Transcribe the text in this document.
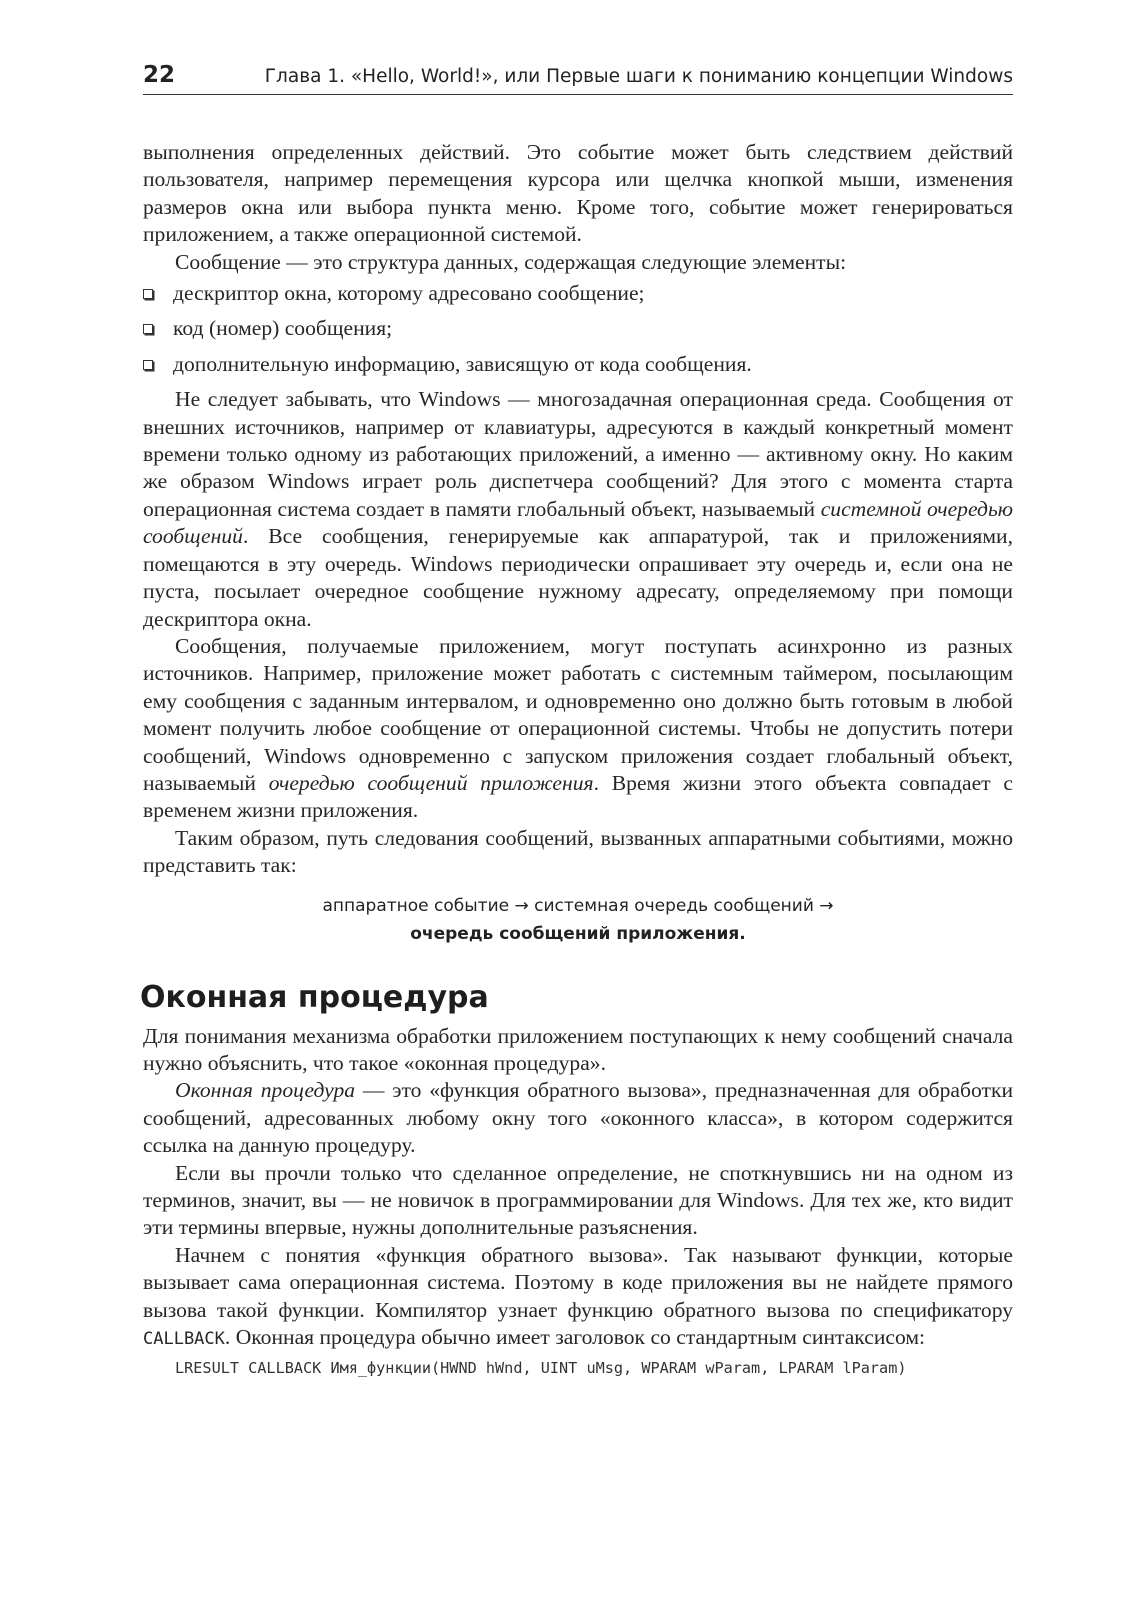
22	Глава 1. «Hello, World!», или Первые шаги к пониманию концепции Windows

выполнения определенных действий. Это событие может быть следствием действий пользователя, например перемещения курсора или щелчка кнопкой мыши, изменения размеров окна или выбора пункта меню. Кроме того, событие может генерироваться приложением, а также операционной системой.

Сообщение — это структура данных, содержащая следующие элементы:

дескриптор окна, которому адресовано сообщение;
код (номер) сообщения;
дополнительную информацию, зависящую от кода сообщения.

Не следует забывать, что Windows — многозадачная операционная среда. Сообщения от внешних источников, например от клавиатуры, адресуются в каждый конкретный момент времени только одному из работающих приложений, а именно — активному окну. Но каким же образом Windows играет роль диспетчера сообщений? Для этого с момента старта операционная система создает в памяти глобальный объект, называемый системной очередью сообщений. Все сообщения, генерируемые как аппаратурой, так и приложениями, помещаются в эту очередь. Windows периодически опрашивает эту очередь и, если она не пуста, посылает очередное сообщение нужному адресату, определяемому при помощи дескриптора окна.

Сообщения, получаемые приложением, могут поступать асинхронно из разных источников. Например, приложение может работать с системным таймером, посылающим ему сообщения с заданным интервалом, и одновременно оно должно быть готовым в любой момент получить любое сообщение от операционной системы. Чтобы не допустить потери сообщений, Windows одновременно с запуском приложения создает глобальный объект, называемый очередью сообщений приложения. Время жизни этого объекта совпадает с временем жизни приложения.

Таким образом, путь следования сообщений, вызванных аппаратными событиями, можно представить так:

аппаратное событие → системная очередь сообщений →
очередь сообщений приложения.
Оконная процедура

Для понимания механизма обработки приложением поступающих к нему сообщений сначала нужно объяснить, что такое «оконная процедура».

Оконная процедура — это «функция обратного вызова», предназначенная для обработки сообщений, адресованных любому окну того «оконного класса», в котором содержится ссылка на данную процедуру.

Если вы прочли только что сделанное определение, не споткнувшись ни на одном из терминов, значит, вы — не новичок в программировании для Windows. Для тех же, кто видит эти термины впервые, нужны дополнительные разъяснения.

Начнем с понятия «функция обратного вызова». Так называют функции, которые вызывает сама операционная система. Поэтому в коде приложения вы не найдете прямого вызова такой функции. Компилятор узнает функцию обратного вызова по спецификатору CALLBACK. Оконная процедура обычно имеет заголовок со стандартным синтаксисом:

LRESULT CALLBACK Имя_функции(HWND hWnd, UINT uMsg, WPARAM wParam, LPARAM lParam)
